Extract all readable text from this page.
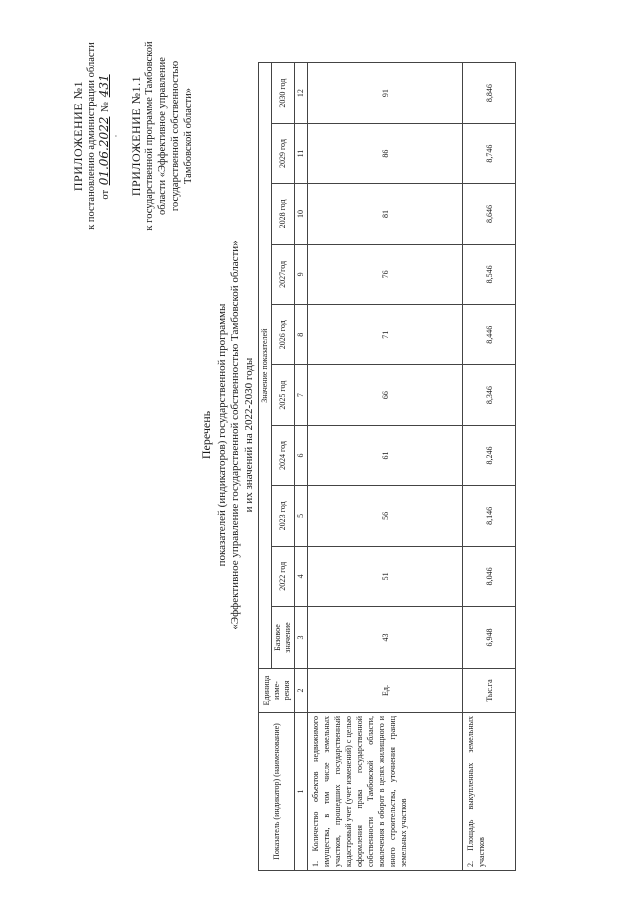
ПРИЛОЖЕНИЕ №1 к постановлению администрации области от 01.06.2022 № 431
· ПРИЛОЖЕНИЕ №1.1 к государственной программе Тамбовской области «Эффективное управление государственной собственностью Тамбовской области»
Перечень показателей (индикаторов) государственной программы «Эффективное управление государственной собственностью Тамбовской области» и их значений на 2022-2030 годы
Показатель (индикатор) (наименование)	Единица изме-рения	Значение показателей									
		Базовое значение	2022 год	2023 год	2024 год	2025 год	2026 год	2027год	2028 год	2029 год	2030 год
1	2	3	4	5	6	7	8	9	10	11	12
1. Количество объектов недвижимого имущества, в том числе земельных участков, прошедших государственный кадастровый учет (учет изменений) с целью оформления права государственной собственности Тамбовской области, вовлечения в оборот в целях жилищного и иного строительства, уточнения границ земельных участков	Ед.	43	51	56	61	66	71	76	81	86	91
2. Площадь выкупленных земельных участков	Тыс.га	6,948	8,046	8,146	8,246	8,346	8,446	8,546	8,646	8,746	8,846
